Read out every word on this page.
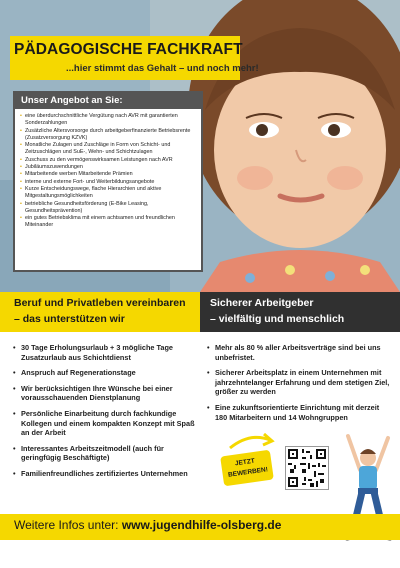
PÄDAGOGISCHE FACHKRAFT
...hier stimmt das Gehalt – und noch mehr!
Unser Angebot an Sie:
• eine überdurchschnittliche Vergütung nach AVR mit garantierten Sonderzahlungen
• Zusätzliche Altersvorsorge durch arbeitgeberfinanzierte Betriebsrente (Zusatzversorgung KZVK)
• Monatliche Zulagen und Zuschläge in Form von Schicht- und Zeitzuschlägen und SuE-, Wehn- und Schichtzulagen
• Zuschuss zu den vermögenswirksamen Leistungen nach AVR
• Jubiläumszuwendungen
• Mitarbeitende werben Mitarbeitende Prämien
• interne und externe Fort- und Weiterbildungsangebote
• Kurze Entscheidungswege, flache Hierarchien und aktive Mitgestaltungsmöglichkeiten
• betriebliche Gesundheitsförderung (E-Bike Leasing, Gesundheitsprävention)
• ein gutes Betriebsklima mit einem achtsamen und freundlichen Miteinander
Beruf und Privatleben vereinbaren
– das unterstützen wir
Sicherer Arbeitgeber
– vielfältig und menschlich
• 30 Tage Erholungsurlaub + 3 mögliche Tage Zusatzurlaub aus Schichtdienst
• Anspruch auf Regenerationstage
• Wir berücksichtigen Ihre Wünsche bei einer vorausschauenden Dienstplanung
• Persönliche Einarbeitung durch fachkundige Kollegen und einem kompakten Konzept mit Spaß an der Arbeit
• Interessantes Arbeitszeitmodell (auch für geringfügig Beschäftigte)
• Familienfreundliches zertifiziertes Unternehmen
• Mehr als 80 % aller Arbeitsverträge sind bei uns unbefristet.
• Sicherer Arbeitsplatz in einem Unternehmen mit jahrzehntelanger Erfahrung und dem stetigen Ziel, größer zu werden
• Eine zukunftsorientierte Einrichtung mit derzeit 180 Mitarbeitern und 14 Wohngruppen
JETZT
BEWERBEN!
Weitere Infos unter: www.jugendhilfe-olsberg.de
